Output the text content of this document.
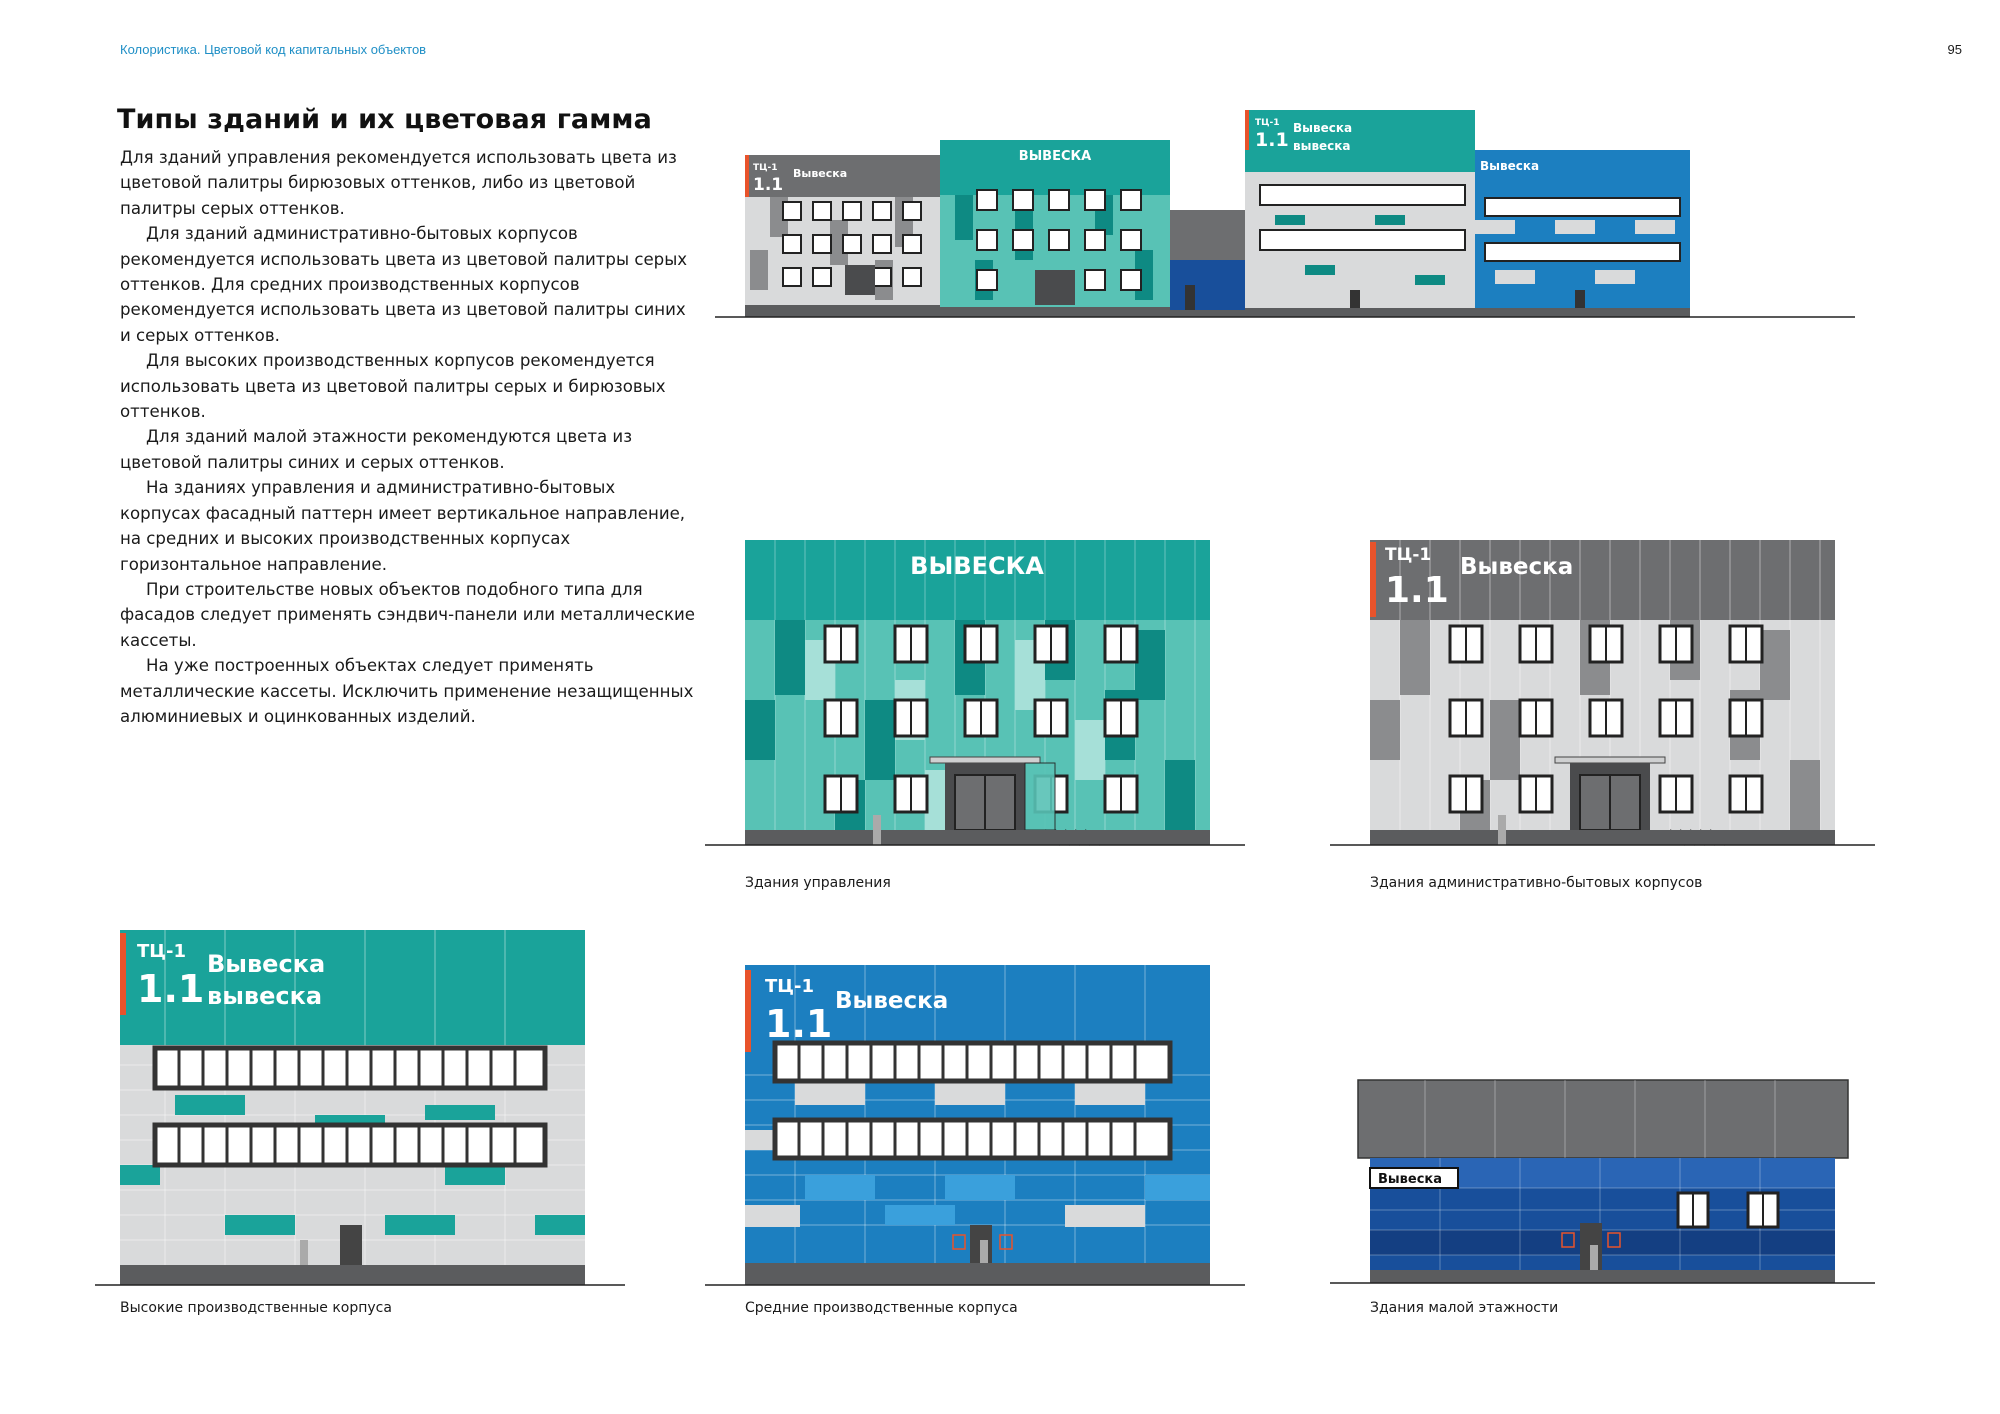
Колористика. Цветовой код капитальных объектов	95
Типы зданий и их цветовая гамма

Для зданий управления рекомендуется использовать цвета из цветовой палитры бирюзовых оттенков, либо из цветовой палитры серых оттенков.

Для зданий административно-бытовых корпусов рекомендуется использовать цвета из цветовой палитры серых оттенков. Для средних производственных корпусов рекомендуется использовать цвета из цветовой палитры синих и серых оттенков.

Для высоких производственных корпусов рекомендуется использовать цвета из цветовой палитры серых и бирюзовых оттенков.

Для зданий малой этажности рекомендуются цвета из цветовой палитры синих и серых оттенков.

На зданиях управления и административно-бытовых корпусах фасадный паттерн имеет вертикальное направление, на средних и высоких производственных корпусах горизонтальное направление.

При строительстве новых объектов подобного типа для фасадов следует применять сэндвич-панели или металлические кассеты.

На уже построенных объектах следует применять металлические кассеты. Исключить применение незащищенных алюминиевых и оцинкованных изделий.

ТЦ-1
1.1
Вывеска
ВЫВЕСКА
ТЦ-1
1.1
Вывеска
вывеска
Вывеска
ВЫВЕСКА
Здания управления
ТЦ-1
1.1
Вывеска
Здания административно-бытовых корпусов
ТЦ-1
1.1
Вывеска
вывеска
Высокие производственные корпуса
ТЦ-1
1.1
Вывеска
Средние производственные корпуса
Вывеска
Здания малой этажности
